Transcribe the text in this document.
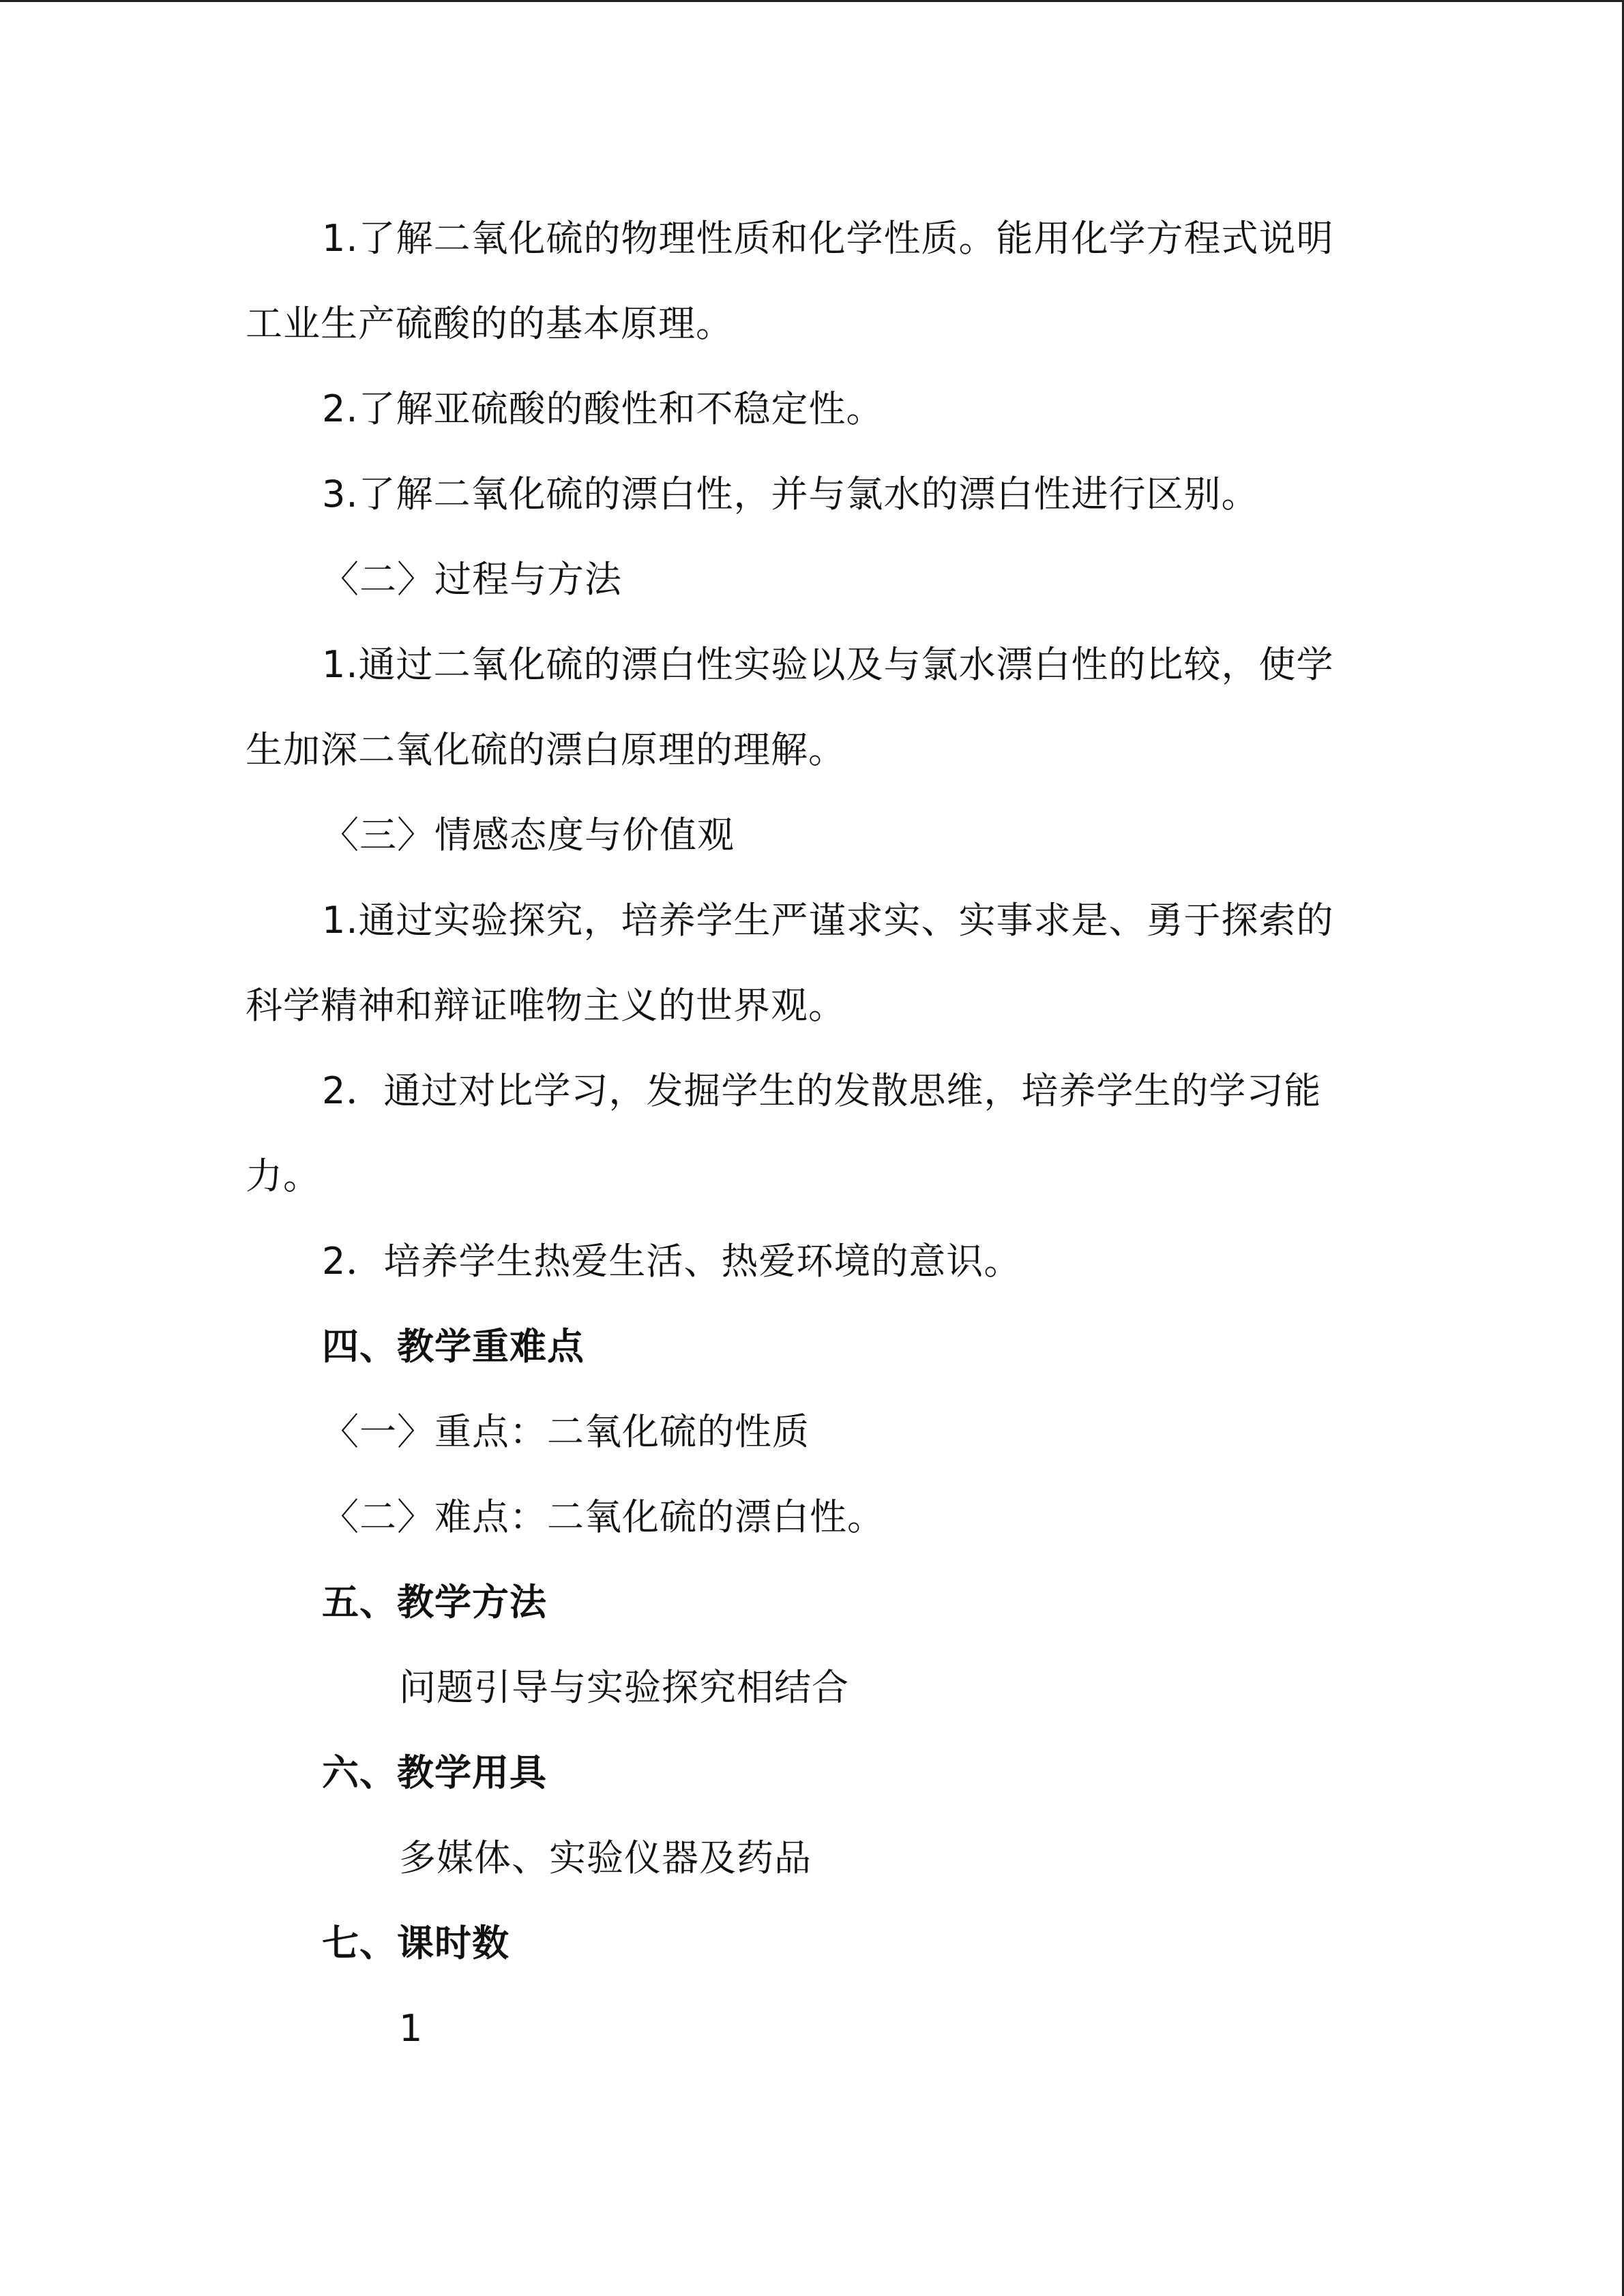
1.了解二氧化硫的物理性质和化学性质。能用化学方程式说明
工业生产硫酸的的基本原理。
2.了解亚硫酸的酸性和不稳定性。
3.了解二氧化硫的漂白性，并与氯水的漂白性进行区别。
〈二〉过程与方法
1.通过二氧化硫的漂白性实验以及与氯水漂白性的比较，使学
生加深二氧化硫的漂白原理的理解。
〈三〉情感态度与价值观
1.通过实验探究，培养学生严谨求实、实事求是、勇于探索的
科学精神和辩证唯物主义的世界观。
2．通过对比学习，发掘学生的发散思维，培养学生的学习能
力。
2．培养学生热爱生活、热爱环境的意识。
四、教学重难点
〈一〉重点：二氧化硫的性质
〈二〉难点：二氧化硫的漂白性。
五、教学方法
问题引导与实验探究相结合
六、教学用具
多媒体、实验仪器及药品
七、课时数
1
